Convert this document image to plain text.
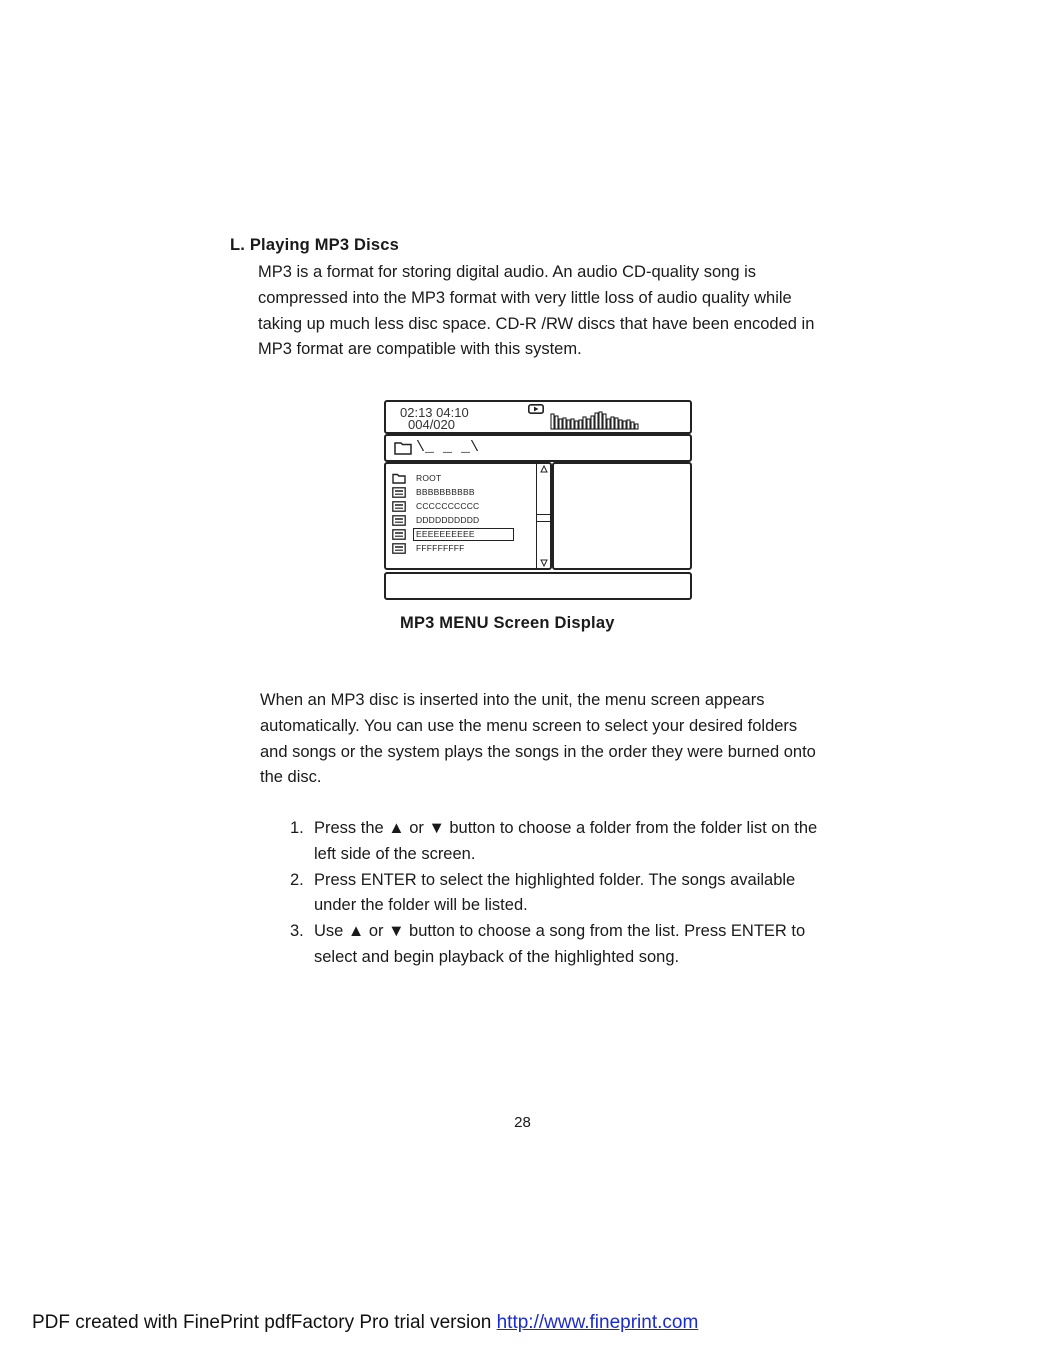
L. Playing MP3 Discs

MP3 is a format for storing digital audio. An audio CD-quality song is compressed into the MP3 format with very little loss of audio quality while taking up much less disc space. CD-R /RW discs that have been encoded in MP3 format are compatible with this system.

02:13 04:10
004/020
\_ _ _\
ROOT
BBBBBBBBBB
CCCCCCCCCC
DDDDDDDDDD
EEEEEEEEEE
FFFFFFFFF
MP3 MENU Screen Display

When an MP3 disc is inserted into the unit, the menu screen appears automatically. You can use the menu screen to select your desired folders and songs or the system plays the songs in the order they were burned onto the disc.

1. Press the ▲ or ▼ button to choose a folder from the folder list on the left side of the screen.
2. Press ENTER to select the highlighted folder. The songs available under the folder will be listed.
3. Use ▲ or ▼ button to choose a song from the list. Press ENTER to select and begin playback of the highlighted song.
28
PDF created with FinePrint pdfFactory Pro trial version http://www.fineprint.com
